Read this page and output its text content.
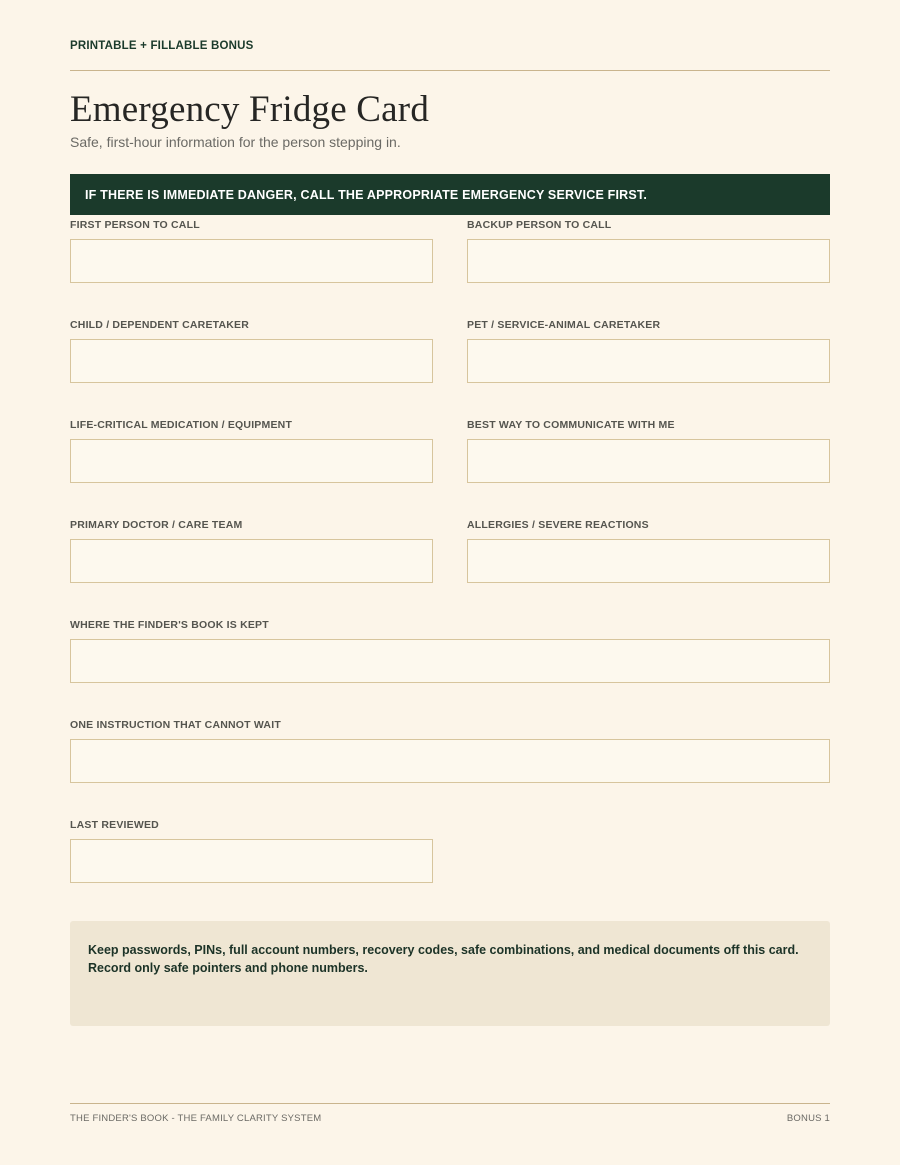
PRINTABLE + FILLABLE BONUS
Emergency Fridge Card
Safe, first-hour information for the person stepping in.
IF THERE IS IMMEDIATE DANGER, CALL THE APPROPRIATE EMERGENCY SERVICE FIRST.
FIRST PERSON TO CALL	BACKUP PERSON TO CALL
CHILD / DEPENDENT CARETAKER	PET / SERVICE-ANIMAL CARETAKER
LIFE-CRITICAL MEDICATION / EQUIPMENT	BEST WAY TO COMMUNICATE WITH ME
PRIMARY DOCTOR / CARE TEAM	ALLERGIES / SEVERE REACTIONS
WHERE THE FINDER'S BOOK IS KEPT
ONE INSTRUCTION THAT CANNOT WAIT
LAST REVIEWED
Keep passwords, PINs, full account numbers, recovery codes, safe combinations, and medical documents off this card. Record only safe pointers and phone numbers.
THE FINDER'S BOOK - THE FAMILY CLARITY SYSTEM	BONUS 1
